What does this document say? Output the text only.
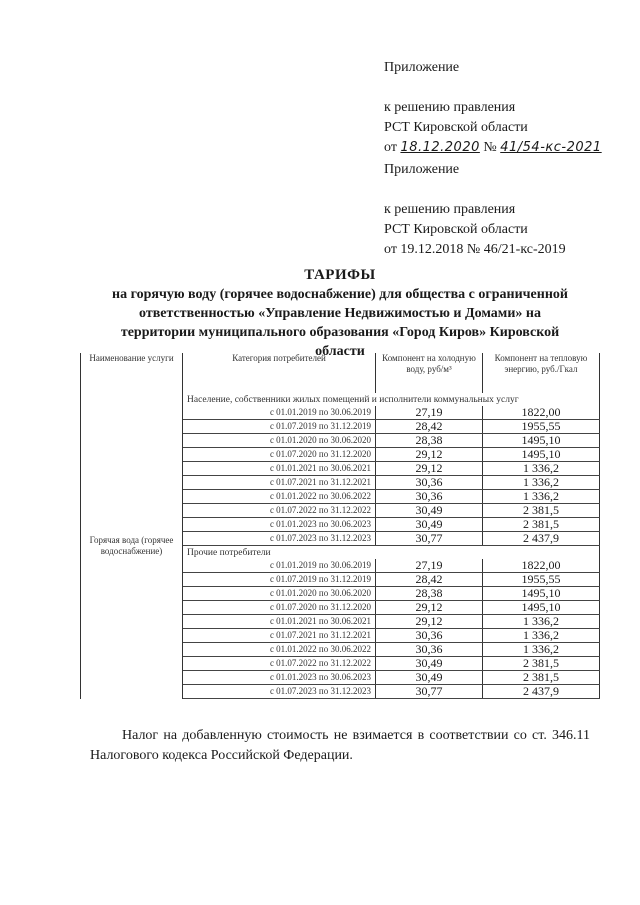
Приложение
к решению правления
РСТ Кировской области
от 18.12.2020 № 41/54-кс-2021
Приложение
к решению правления
РСТ Кировской области
от 19.12.2018 № 46/21-кс-2019
ТАРИФЫ
на горячую воду (горячее водоснабжение) для общества с ограниченной
ответственностью «Управление Недвижимостью и Домами» на
территории муниципального образования «Город Киров» Кировской
области
Наименование услуги	Категория потребителей	Компонент на холодную воду, руб/м³	Компонент на тепловую энергию, руб./Гкал
Горячая вода (горячее водоснабжение)	Население, собственники жилых помещений и исполнители коммунальных услуг		
	с 01.01.2019 по 30.06.2019	27,19	1822,00
	с 01.07.2019 по 31.12.2019	28,42	1955,55
	с 01.01.2020 по 30.06.2020	28,38	1495,10
	с 01.07.2020 по 31.12.2020	29,12	1495,10
	с 01.01.2021 по 30.06.2021	29,12	1 336,2
	с 01.07.2021 по 31.12.2021	30,36	1 336,2
	с 01.01.2022 по 30.06.2022	30,36	1 336,2
	с 01.07.2022 по 31.12.2022	30,49	2 381,5
	с 01.01.2023 по 30.06.2023	30,49	2 381,5
	с 01.07.2023 по 31.12.2023	30,77	2 437,9
	Прочие потребители		
	с 01.01.2019 по 30.06.2019	27,19	1822,00
	с 01.07.2019 по 31.12.2019	28,42	1955,55
	с 01.01.2020 по 30.06.2020	28,38	1495,10
	с 01.07.2020 по 31.12.2020	29,12	1495,10
	с 01.01.2021 по 30.06.2021	29,12	1 336,2
	с 01.07.2021 по 31.12.2021	30,36	1 336,2
	с 01.01.2022 по 30.06.2022	30,36	1 336,2
	с 01.07.2022 по 31.12.2022	30,49	2 381,5
	с 01.01.2023 по 30.06.2023	30,49	2 381,5
	с 01.07.2023 по 31.12.2023	30,77	2 437,9
Налог на добавленную стоимость не взимается в соответствии со ст. 346.11 Налогового кодекса Российской Федерации.
